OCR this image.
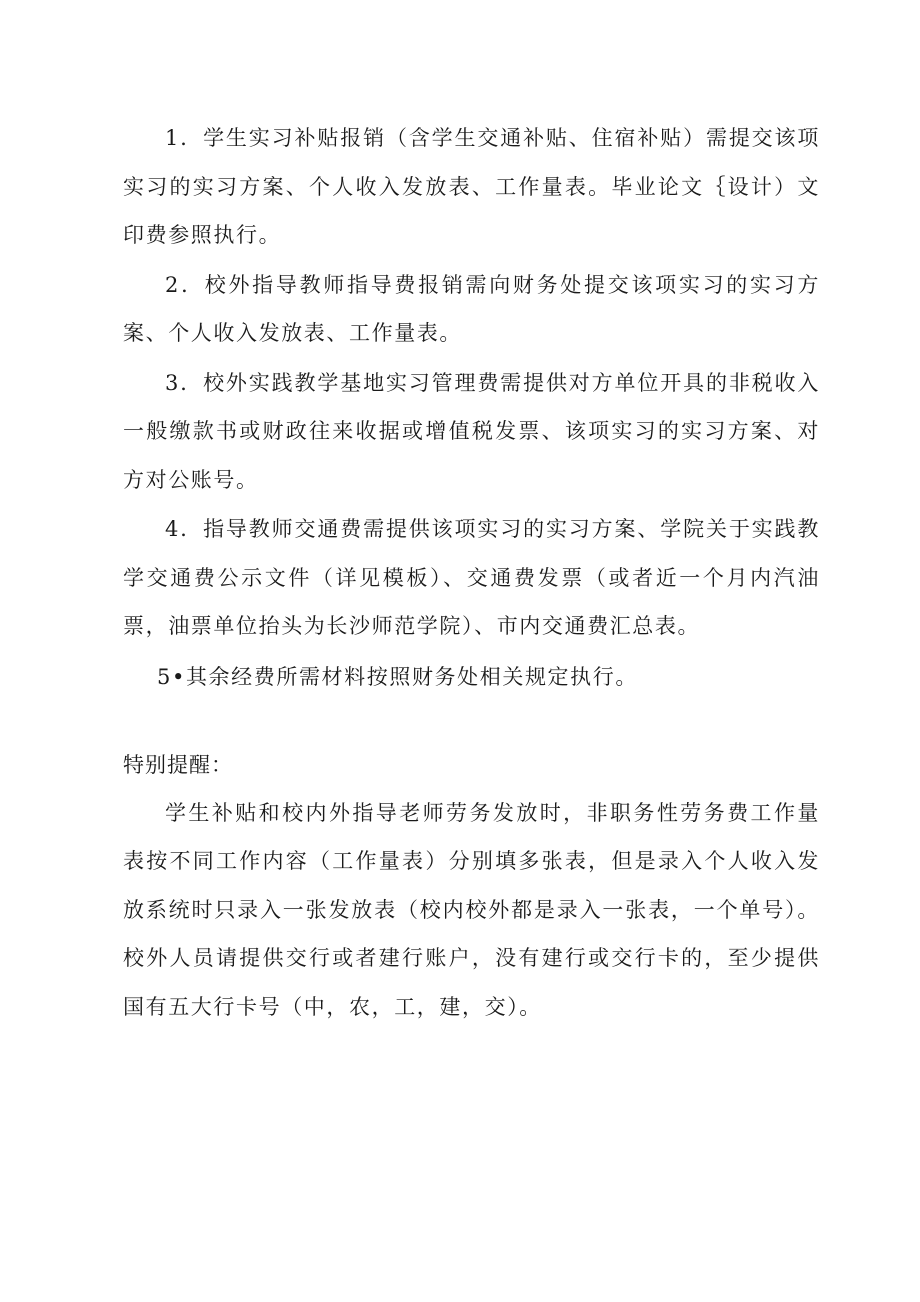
1．学生实习补贴报销（含学生交通补贴、住宿补贴）需提交该项实习的实习方案、个人收入发放表、工作量表。毕业论文｛设计）文印费参照执行。

2．校外指导教师指导费报销需向财务处提交该项实习的实习方案、个人收入发放表、工作量表。

3．校外实践教学基地实习管理费需提供对方单位开具的非税收入一般缴款书或财政往来收据或增值税发票、该项实习的实习方案、对方对公账号。

4．指导教师交通费需提供该项实习的实习方案、学院关于实践教学交通费公示文件（详见模板）、交通费发票（或者近一个月内汽油票，油票单位抬头为长沙师范学院）、市内交通费汇总表。

5•其余经费所需材料按照财务处相关规定执行。

特别提醒：

学生补贴和校内外指导老师劳务发放时，非职务性劳务费工作量表按不同工作内容（工作量表）分别填多张表，但是录入个人收入发放系统时只录入一张发放表（校内校外都是录入一张表，一个单号）。校外人员请提供交行或者建行账户，没有建行或交行卡的，至少提供国有五大行卡号（中，农，工，建，交）。
